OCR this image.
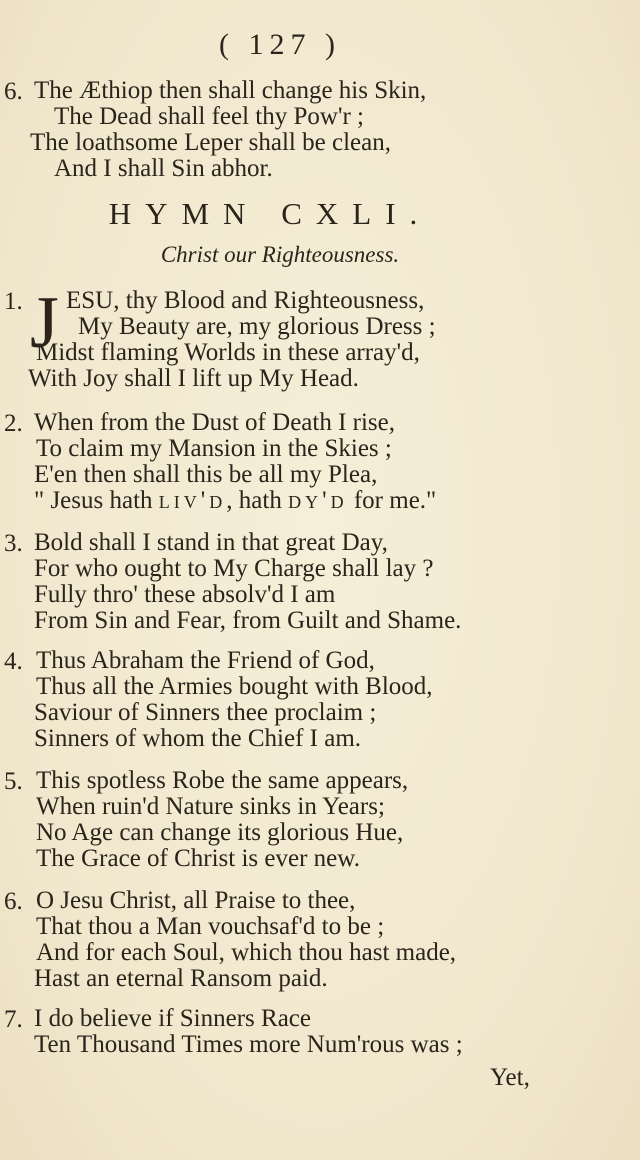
( 127 )
6. The Æthiop then shall change his Skin,
The Dead shall feel thy Pow'r ;
The loathsome Leper shall be clean,
And I shall Sin abhor.
HYMN CXLI.
Christ our Righteousness.
J
1.	ESU, thy Blood and Righteousness,
My Beauty are, my glorious Dress ;
Midst flaming Worlds in these array'd,
With Joy shall I lift up My Head.
2. When from the Dust of Death I rise,
To claim my Mansion in the Skies ;
E'en then shall this be all my Plea,
" Jesus hath liv'd, hath dy'd for me."
3. Bold shall I stand in that great Day,
For who ought to My Charge shall lay ?
Fully thro' these absolv'd I am
From Sin and Fear, from Guilt and Shame.
4. Thus Abraham the Friend of God,
Thus all the Armies bought with Blood,
Saviour of Sinners thee proclaim ;
Sinners of whom the Chief I am.
5. This spotless Robe the same appears,
When ruin'd Nature sinks in Years;
No Age can change its glorious Hue,
The Grace of Christ is ever new.
6. O Jesu Christ, all Praise to thee,
That thou a Man vouchsaf'd to be ;
And for each Soul, which thou hast made,
Hast an eternal Ransom paid.
7. I do believe if Sinners Race
Ten Thousand Times more Num'rous was ;
Yet,
